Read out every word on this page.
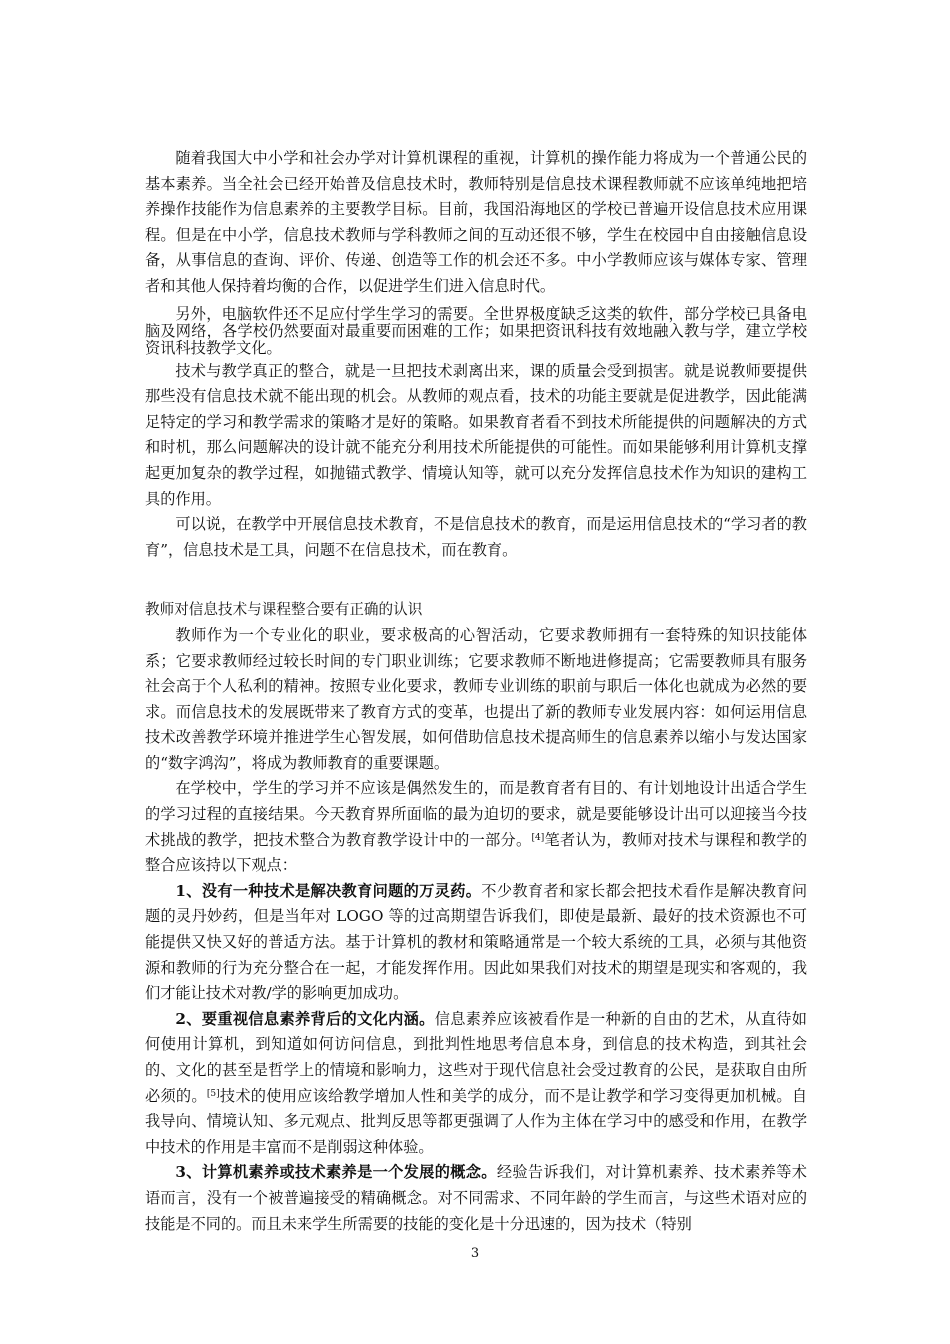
随着我国大中小学和社会办学对计算机课程的重视，计算机的操作能力将成为一个普通公民的基本素养。当全社会已经开始普及信息技术时，教师特别是信息技术课程教师就不应该单纯地把培养操作技能作为信息素养的主要教学目标。目前，我国沿海地区的学校已普遍开设信息技术应用课程。但是在中小学，信息技术教师与学科教师之间的互动还很不够，学生在校园中自由接触信息设备，从事信息的查询、评价、传递、创造等工作的机会还不多。中小学教师应该与媒体专家、管理者和其他人保持着均衡的合作，以促进学生们进入信息时代。

另外，电脑软件还不足应付学生学习的需要。全世界极度缺乏这类的软件，部分学校已具备电脑及网络，各学校仍然要面对最重要而困难的工作；如果把资讯科技有效地融入教与学，建立学校资讯科技教学文化。

技术与教学真正的整合，就是一旦把技术剥离出来，课的质量会受到损害。就是说教师要提供那些没有信息技术就不能出现的机会。从教师的观点看，技术的功能主要就是促进教学，因此能满足特定的学习和教学需求的策略才是好的策略。如果教育者看不到技术所能提供的问题解决的方式和时机，那么问题解决的设计就不能充分利用技术所能提供的可能性。而如果能够利用计算机支撑起更加复杂的教学过程，如抛锚式教学、情境认知等，就可以充分发挥信息技术作为知识的建构工具的作用。

可以说，在教学中开展信息技术教育，不是信息技术的教育，而是运用信息技术的“学习者的教育”，信息技术是工具，问题不在信息技术，而在教育。

教师对信息技术与课程整合要有正确的认识

教师作为一个专业化的职业，要求极高的心智活动，它要求教师拥有一套特殊的知识技能体系；它要求教师经过较长时间的专门职业训练；它要求教师不断地进修提高；它需要教师具有服务社会高于个人私利的精神。按照专业化要求，教师专业训练的职前与职后一体化也就成为必然的要求。而信息技术的发展既带来了教育方式的变革，也提出了新的教师专业发展内容：如何运用信息技术改善教学环境并推进学生心智发展，如何借助信息技术提高师生的信息素养以缩小与发达国家的“数字鸿沟”，将成为教师教育的重要课题。

在学校中，学生的学习并不应该是偶然发生的，而是教育者有目的、有计划地设计出适合学生的学习过程的直接结果。今天教育界所面临的最为迫切的要求，就是要能够设计出可以迎接当今技术挑战的教学，把技术整合为教育教学设计中的一部分。[4]笔者认为，教师对技术与课程和教学的整合应该持以下观点：

1、没有一种技术是解决教育问题的万灵药。不少教育者和家长都会把技术看作是解决教育问题的灵丹妙药，但是当年对 LOGO 等的过高期望告诉我们，即使是最新、最好的技术资源也不可能提供又快又好的普适方法。基于计算机的教材和策略通常是一个较大系统的工具，必须与其他资源和教师的行为充分整合在一起，才能发挥作用。因此如果我们对技术的期望是现实和客观的，我们才能让技术对教/学的影响更加成功。

2、要重视信息素养背后的文化内涵。信息素养应该被看作是一种新的自由的艺术，从直待如何使用计算机，到知道如何访问信息，到批判性地思考信息本身，到信息的技术构造，到其社会的、文化的甚至是哲学上的情境和影响力，这些对于现代信息社会受过教育的公民，是获取自由所必须的。[5]技术的使用应该给教学增加人性和美学的成分，而不是让教学和学习变得更加机械。自我导向、情境认知、多元观点、批判反思等都更强调了人作为主体在学习中的感受和作用，在教学中技术的作用是丰富而不是削弱这种体验。

3、计算机素养或技术素养是一个发展的概念。经验告诉我们，对计算机素养、技术素养等术语而言，没有一个被普遍接受的精确概念。对不同需求、不同年龄的学生而言，与这些术语对应的技能是不同的。而且未来学生所需要的技能的变化是十分迅速的，因为技术（特别

3
